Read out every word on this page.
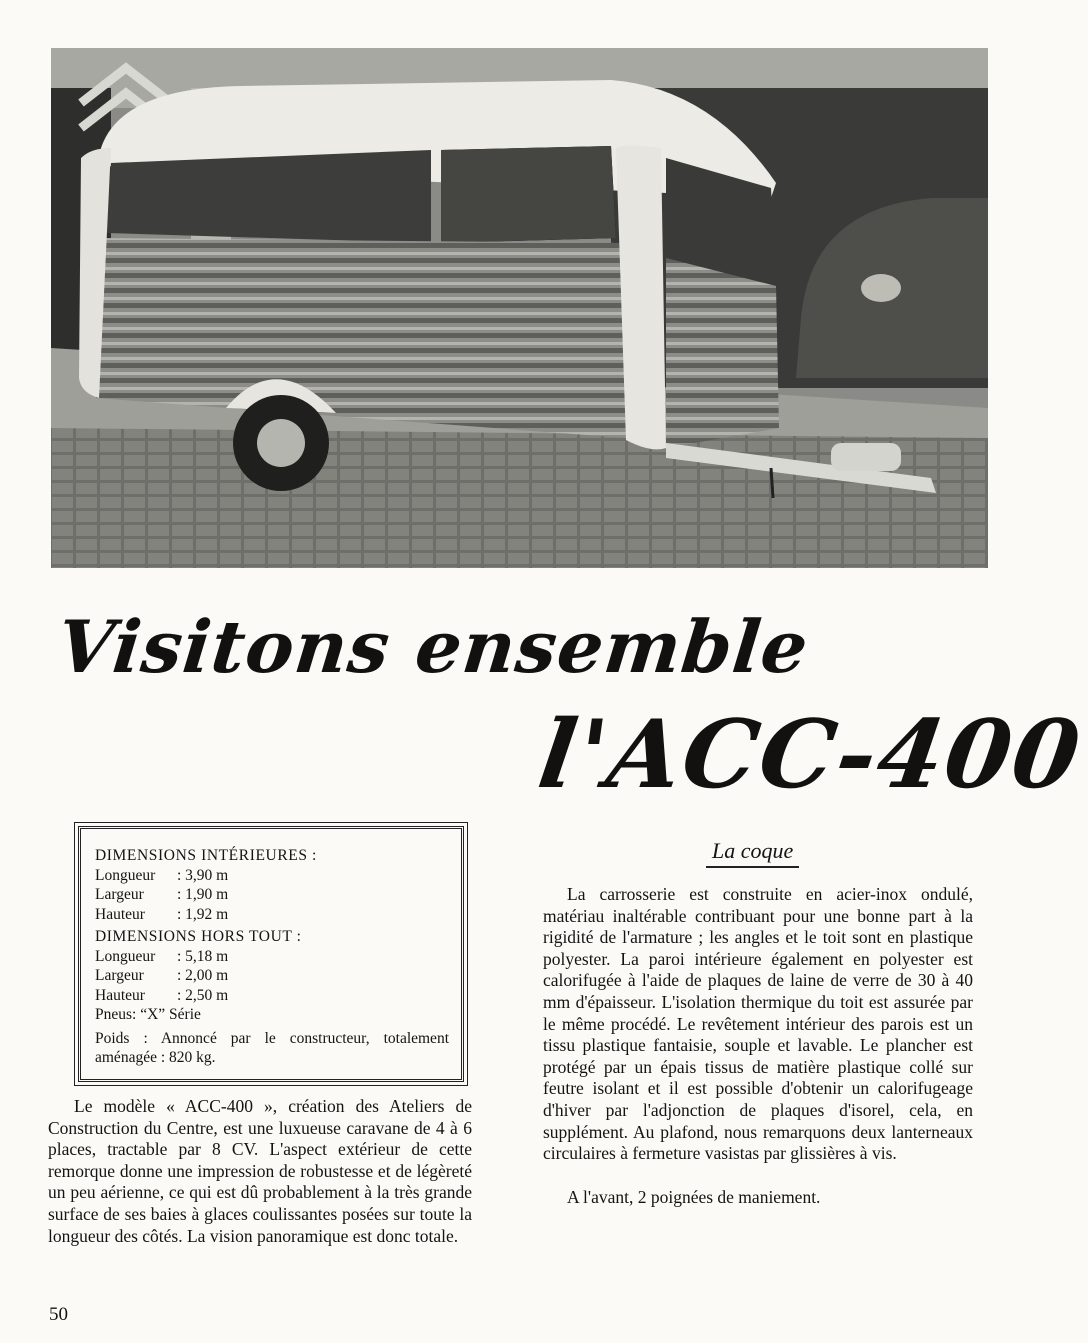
Visitons ensemble
l'ACC-400
DIMENSIONS INTÉRIEURES :
Longueur	: 3,90 m
Largeur	: 1,90 m
Hauteur	: 1,92 m
DIMENSIONS HORS TOUT :
Longueur	: 5,18 m
Largeur	: 2,00 m
Hauteur	: 2,50 m
Pneus: “X” Série
Poids : Annoncé par le constructeur, totalement aménagée : 820 kg.

Le modèle « ACC-400 », création des Ateliers de Construction du Centre, est une luxueuse caravane de 4 à 6 places, tractable par 8 CV. L'aspect extérieur de cette remorque donne une impression de robustesse et de légèreté un peu aérienne, ce qui est dû probablement à la très grande surface de ses baies à glaces coulissantes posées sur toute la longueur des côtés. La vision panoramique est donc totale.

La coque

La carrosserie est construite en acier-inox ondulé, matériau inaltérable contribuant pour une bonne part à la rigidité de l'armature ; les angles et le toit sont en plastique polyester. La paroi intérieure également en polyester est calorifugée à l'aide de plaques de laine de verre de 30 à 40 mm d'épaisseur. L'isolation thermique du toit est assurée par le même procédé. Le revêtement intérieur des parois est un tissu plastique fantaisie, souple et lavable. Le plancher est protégé par un épais tissus de matière plastique collé sur feutre isolant et il est possible d'obtenir un calorifugeage d'hiver par l'adjonction de plaques d'isorel, cela, en supplément. Au plafond, nous remarquons deux lanterneaux circulaires à fermeture vasistas par glissières à vis.

A l'avant, 2 poignées de maniement.

50
